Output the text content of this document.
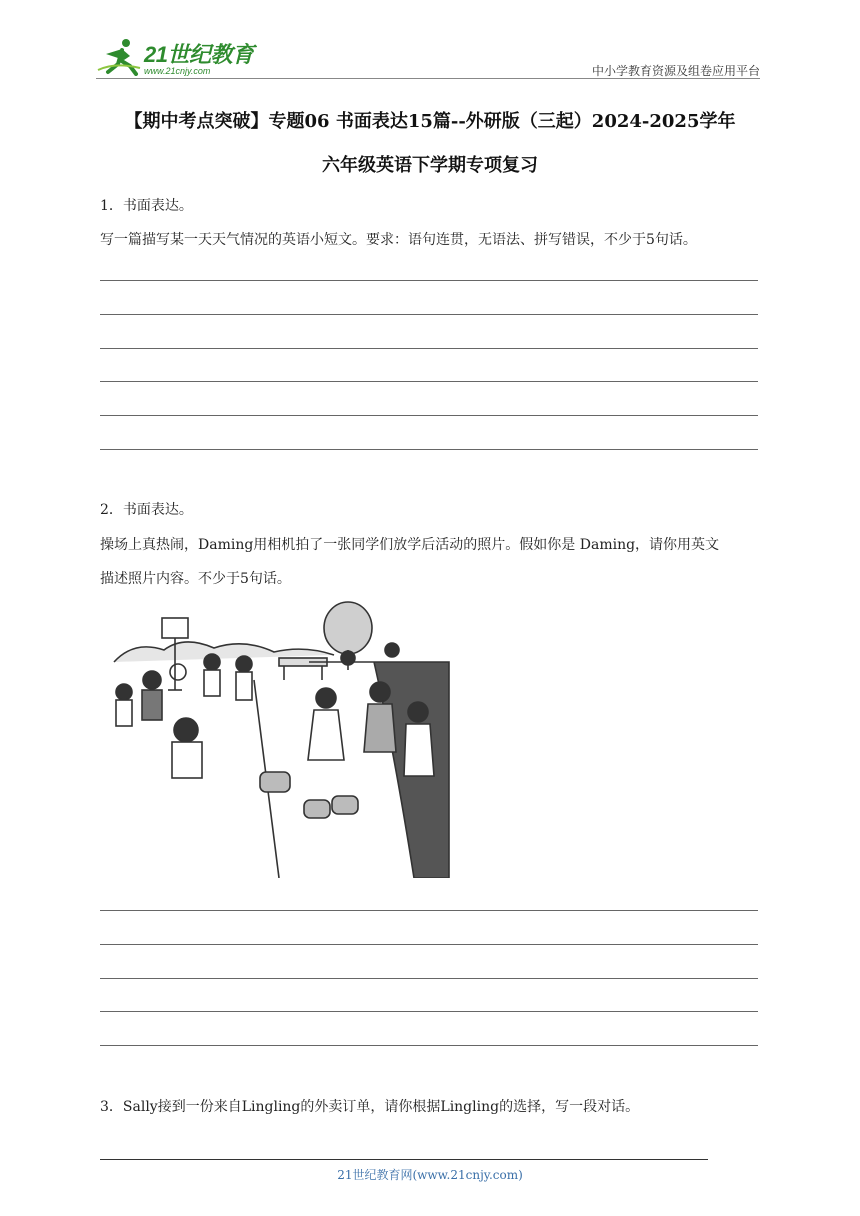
21世纪教育
www.21cnjy.com	中小学教育资源及组卷应用平台
【期中考点突破】专题06 书面表达15篇--外研版（三起）2024-2025学年
六年级英语下学期专项复习
1．书面表达。
写一篇描写某一天天气情况的英语小短文。要求：语句连贯，无语法、拼写错误，不少于5句话。
2．书面表达。
操场上真热闹，Daming用相机拍了一张同学们放学后活动的照片。假如你是 Daming，请你用英文
描述照片内容。不少于5句话。
3．Sally接到一份来自Lingling的外卖订单，请你根据Lingling的选择，写一段对话。
21世纪教育网(www.21cnjy.com)
